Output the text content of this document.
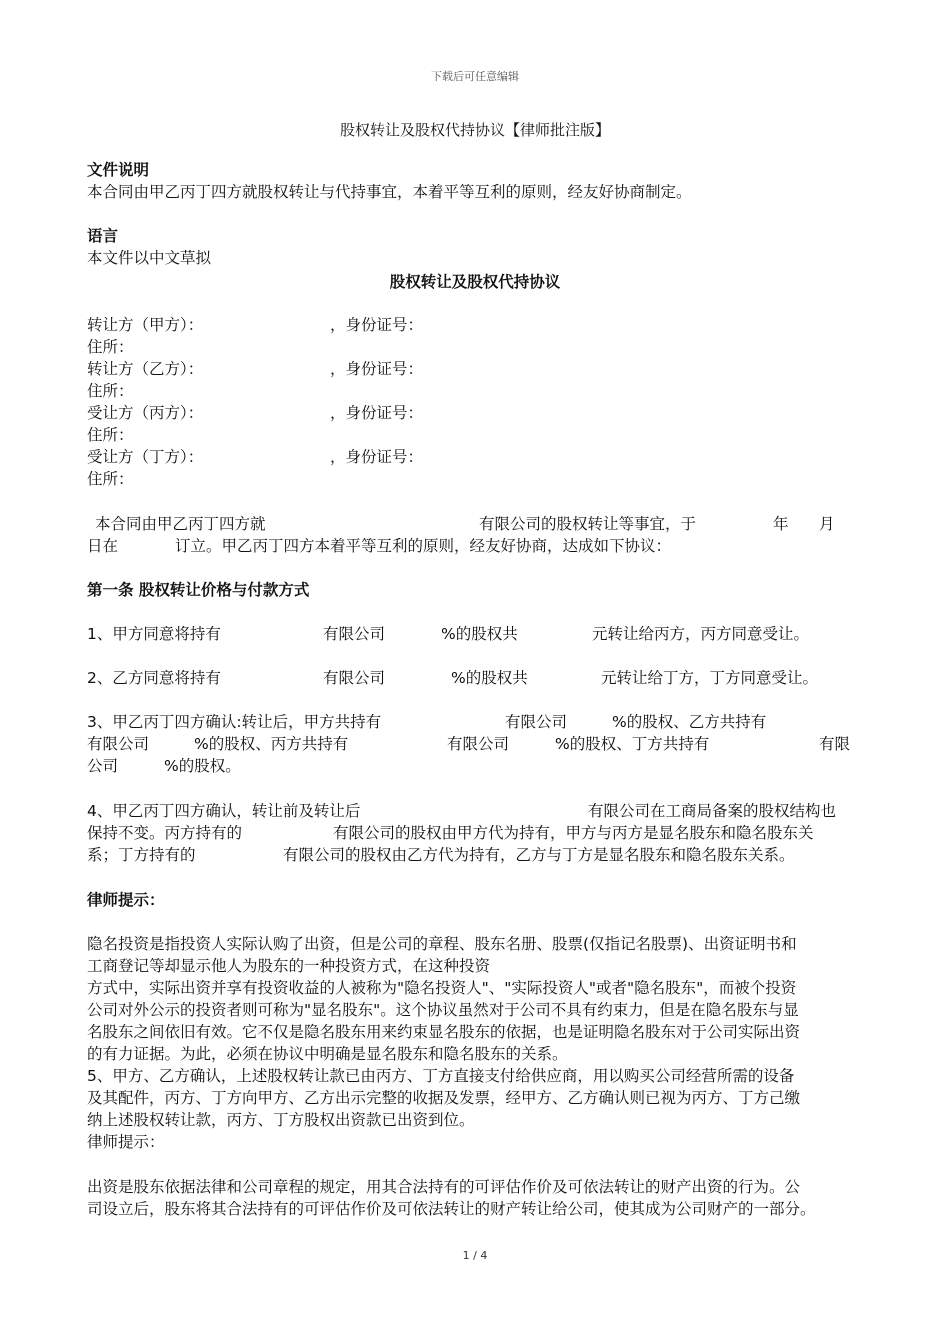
下载后可任意编辑
股权转让及股权代持协议【律师批注版】
文件说明
本合同由甲乙丙丁四方就股权转让与代持事宜，本着平等互利的原则，经友好协商制定。
语言
本文件以中文草拟
股权转让及股权代持协议
转让方（甲方）：	，身份证号：
住所：
转让方（乙方）：	，身份证号：
住所：
受让方（丙方）：	，身份证号：
住所：
受让方（丁方）：	，身份证号：
住所：
本合同由甲乙丙丁四方就	有限公司的股权转让等事宜，于	年 月
日在	订立。甲乙丙丁四方本着平等互利的原则，经友好协商，达成如下协议：
第一条 股权转让价格与付款方式
1、甲方同意将持有	有限公司	%的股权共	元转让给丙方，丙方同意受让。
2、乙方同意将持有	有限公司	%的股权共	元转让给丁方，丁方同意受让。
3、甲乙丙丁四方确认:转让后，甲方共持有	有限公司	%的股权、乙方共持有
有限公司	%的股权、丙方共持有	有限公司	%的股权、丁方共持有	有限
公司	%的股权。
4、甲乙丙丁四方确认，转让前及转让后	有限公司在工商局备案的股权结构也
保持不变。丙方持有的	有限公司的股权由甲方代为持有，甲方与丙方是显名股东和隐名股东关
系；丁方持有的	有限公司的股权由乙方代为持有，乙方与丁方是显名股东和隐名股东关系。
律师提示：
隐名投资是指投资人实际认购了出资，但是公司的章程、股东名册、股票(仅指记名股票)、出资证明书和
工商登记等却显示他人为股东的一种投资方式，在这种投资
方式中，实际出资并享有投资收益的人被称为"隐名投资人"、"实际投资人"或者"隐名股东"，而被个投资
公司对外公示的投资者则可称为"显名股东"。这个协议虽然对于公司不具有约束力，但是在隐名股东与显
名股东之间依旧有效。它不仅是隐名股东用来约束显名股东的依据，也是证明隐名股东对于公司实际出资
的有力证据。为此，必须在协议中明确是显名股东和隐名股东的关系。
5、甲方、乙方确认，上述股权转让款已由丙方、丁方直接支付给供应商，用以购买公司经营所需的设备
及其配件，丙方、丁方向甲方、乙方出示完整的收据及发票，经甲方、乙方确认则已视为丙方、丁方己缴
纳上述股权转让款，丙方、丁方股权出资款已出资到位。
律师提示：
出资是股东依据法律和公司章程的规定，用其合法持有的可评估作价及可依法转让的财产出资的行为。公
司设立后，股东将其合法持有的可评估作价及可依法转让的财产转让给公司，使其成为公司财产的一部分。
1 / 4
